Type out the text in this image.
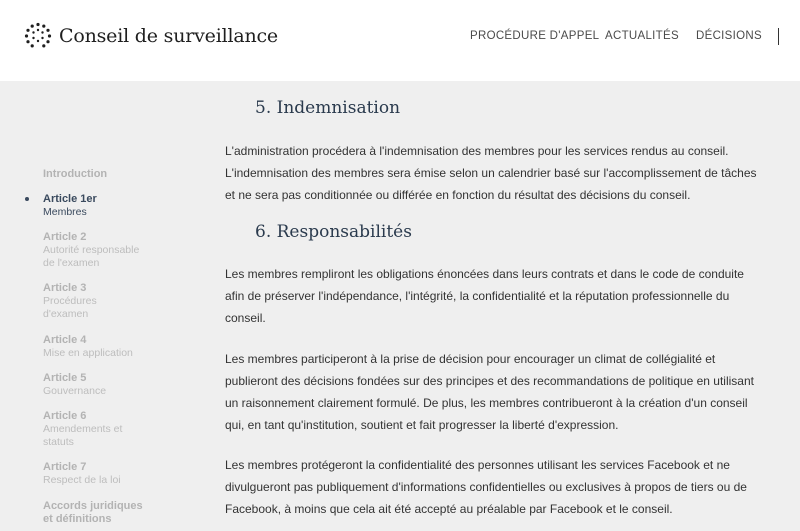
Conseil de surveillance	PROCÉDURE D'APPEL ACTUALITÉS DÉCISIONS
Introduction
Article 1er
Membres
Article 2
Autorité responsable de l'examen
Article 3
Procédures d'examen
Article 4
Mise en application
Article 5
Gouvernance
Article 6
Amendements et statuts
Article 7
Respect de la loi
Accords juridiques et définitions
5. Indemnisation
L'administration procédera à l'indemnisation des membres pour les services rendus au conseil. L'indemnisation des membres sera émise selon un calendrier basé sur l'accomplissement de tâches et ne sera pas conditionnée ou différée en fonction du résultat des décisions du conseil.
6. Responsabilités
Les membres rempliront les obligations énoncées dans leurs contrats et dans le code de conduite afin de préserver l'indépendance, l'intégrité, la confidentialité et la réputation professionnelle du conseil.
Les membres participeront à la prise de décision pour encourager un climat de collégialité et publieront des décisions fondées sur des principes et des recommandations de politique en utilisant un raisonnement clairement formulé. De plus, les membres contribueront à la création d'un conseil qui, en tant qu'institution, soutient et fait progresser la liberté d'expression.
Les membres protégeront la confidentialité des personnes utilisant les services Facebook et ne divulgueront pas publiquement d'informations confidentielles ou exclusives à propos de tiers ou de Facebook, à moins que cela ait été accepté au préalable par Facebook et le conseil.
